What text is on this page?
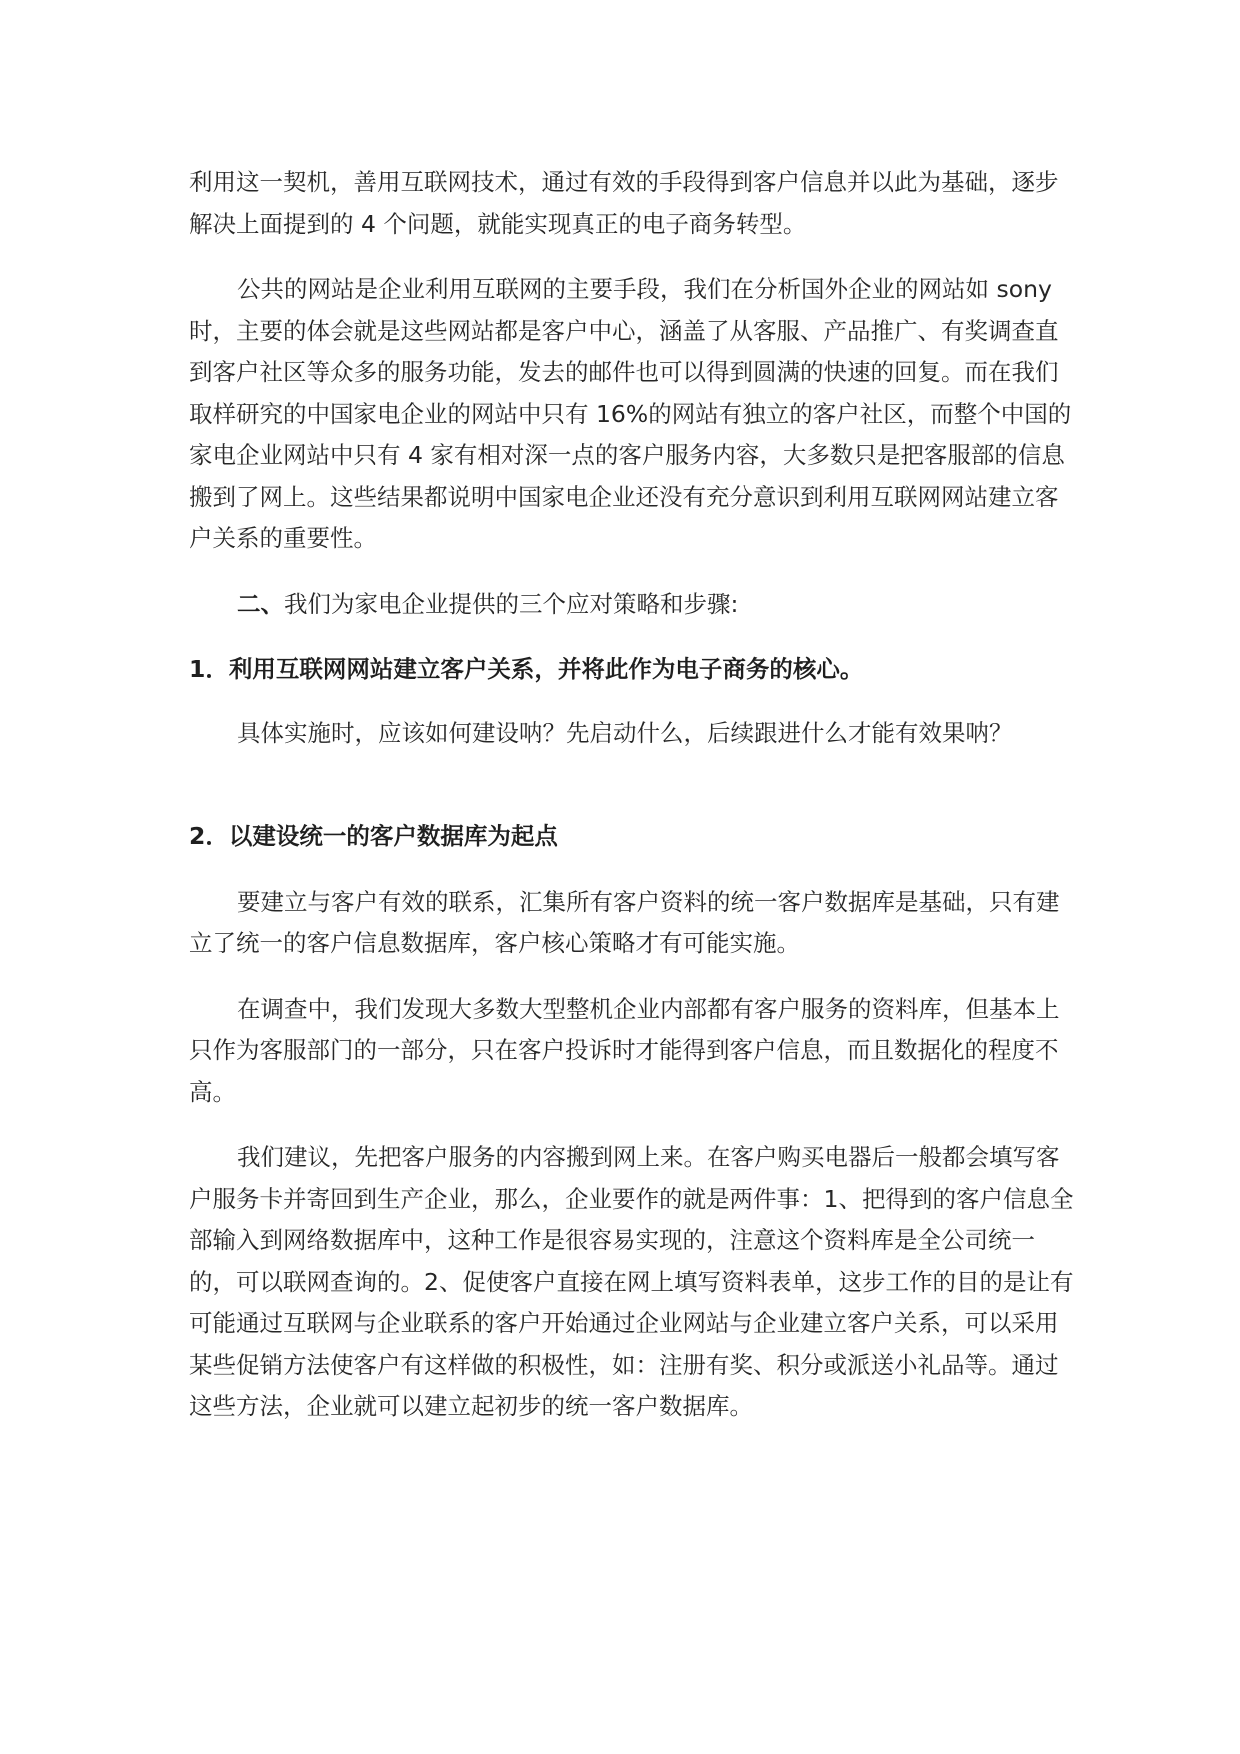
利用这一契机，善用互联网技术，通过有效的手段得到客户信息并以此为基础，逐步解决上面提到的 4 个问题，就能实现真正的电子商务转型。

公共的网站是企业利用互联网的主要手段，我们在分析国外企业的网站如 sony 时，主要的体会就是这些网站都是客户中心，涵盖了从客服、产品推广、有奖调查直到客户社区等众多的服务功能，发去的邮件也可以得到圆满的快速的回复。而在我们取样研究的中国家电企业的网站中只有 16%的网站有独立的客户社区，而整个中国的家电企业网站中只有 4 家有相对深一点的客户服务内容，大多数只是把客服部的信息搬到了网上。这些结果都说明中国家电企业还没有充分意识到利用互联网网站建立客户关系的重要性。

二、我们为家电企业提供的三个应对策略和步骤:

1．利用互联网网站建立客户关系，并将此作为电子商务的核心。

具体实施时，应该如何建设呐？先启动什么，后续跟进什么才能有效果呐？

2．以建设统一的客户数据库为起点

要建立与客户有效的联系，汇集所有客户资料的统一客户数据库是基础，只有建立了统一的客户信息数据库，客户核心策略才有可能实施。

在调查中，我们发现大多数大型整机企业内部都有客户服务的资料库，但基本上只作为客服部门的一部分，只在客户投诉时才能得到客户信息，而且数据化的程度不高。

我们建议，先把客户服务的内容搬到网上来。在客户购买电器后一般都会填写客户服务卡并寄回到生产企业，那么，企业要作的就是两件事：1、把得到的客户信息全部输入到网络数据库中，这种工作是很容易实现的，注意这个资料库是全公司统一的，可以联网查询的。2、促使客户直接在网上填写资料表单，这步工作的目的是让有可能通过互联网与企业联系的客户开始通过企业网站与企业建立客户关系，可以采用某些促销方法使客户有这样做的积极性，如：注册有奖、积分或派送小礼品等。通过这些方法，企业就可以建立起初步的统一客户数据库。
